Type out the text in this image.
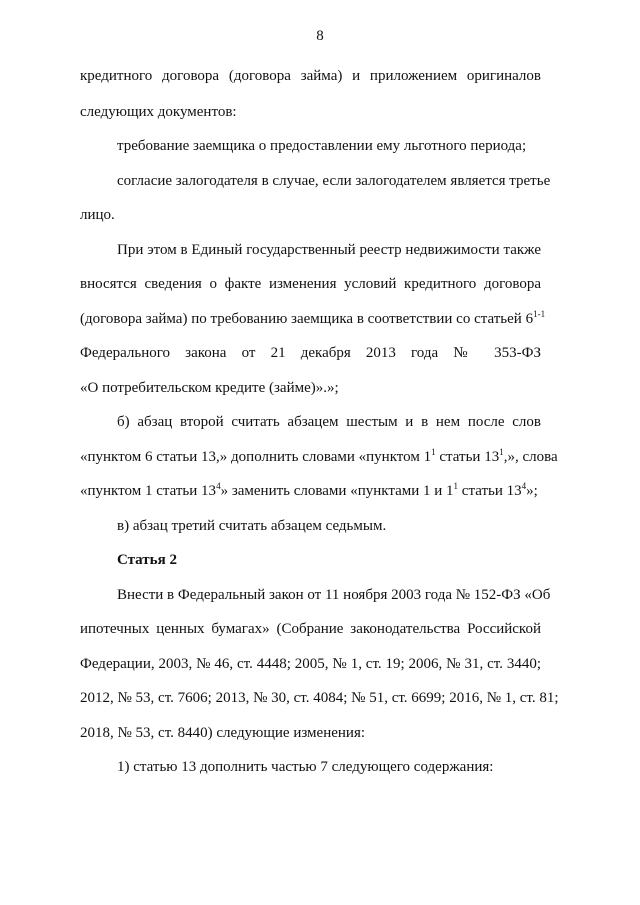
8
кредитного договора (договора займа) и приложением оригиналов
следующих документов:
требование заемщика о предоставлении ему льготного периода;
согласие залогодателя в случае, если залогодателем является третье
лицо.
При этом в Единый государственный реестр недвижимости также
вносятся сведения о факте изменения условий кредитного договора
(договора займа) по требованию заемщика в соответствии со статьей 6$^{1-1}$
Федерального закона от 21 декабря 2013 года № 353-ФЗ
«О потребительском кредите (займе)».»;
б) абзац второй считать абзацем шестым и в нем после слов
«пунктом 6 статьи 13,» дополнить словами «пунктом $1^1$ статьи $13^1$,», слова
«пунктом 1 статьи $13^4$» заменить словами «пунктами 1 и $1^1$ статьи $13^4$»;
в) абзац третий считать абзацем седьмым.
Статья 2
Внести в Федеральный закон от 11 ноября 2003 года № 152-ФЗ «Об
ипотечных ценных бумагах» (Собрание законодательства Российской
Федерации, 2003, № 46, ст. 4448; 2005, № 1, ст. 19; 2006, № 31, ст. 3440;
2012, № 53, ст. 7606; 2013, № 30, ст. 4084; № 51, ст. 6699; 2016, № 1, ст. 81;
2018, № 53, ст. 8440) следующие изменения:
1) статью 13 дополнить частью 7 следующего содержания:
